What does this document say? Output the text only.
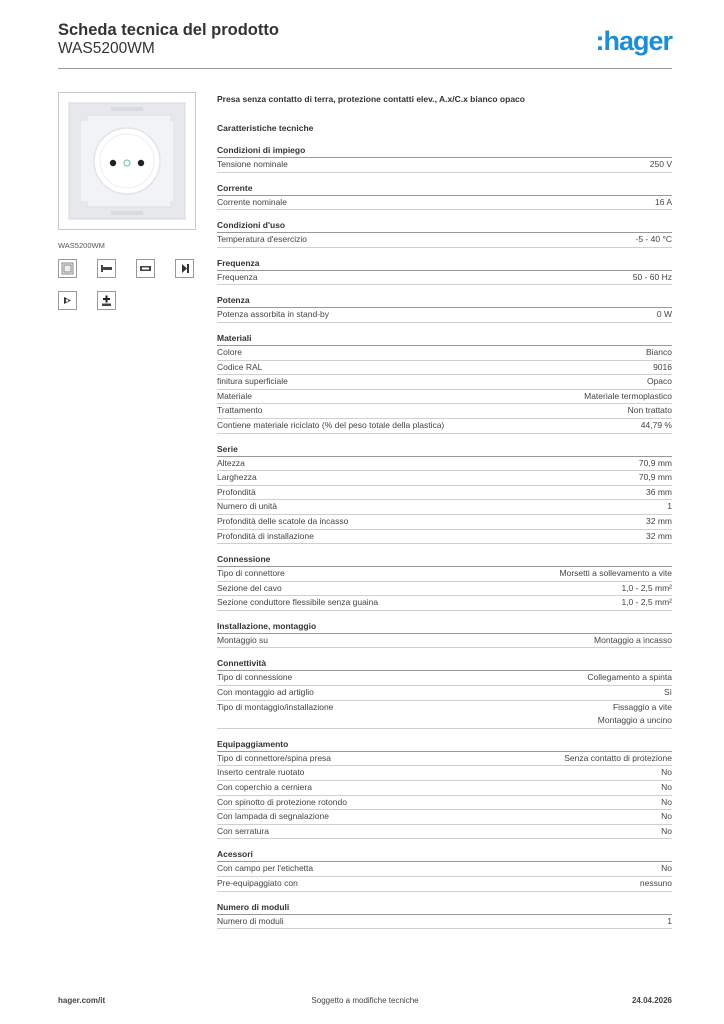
Scheda tecnica del prodotto
WAS5200WM	:hager
WAS5200WM
Presa senza contatto di terra, protezione contatti elev., A.x/C.x bianco opaco
Caratteristiche tecniche
Condizioni di impiego
Tensione nominale	250 V
Corrente
Corrente nominale	16 A
Condizioni d'uso
Temperatura d'esercizio	-5 - 40 °C
Frequenza
Frequenza	50 - 60 Hz
Potenza
Potenza assorbita in stand-by	0 W
Materiali
Colore	Bianco
Codice RAL	9016
finitura superficiale	Opaco
Materiale	Materiale termoplastico
Trattamento	Non trattato
Contiene materiale riciclato (% del peso totale della plastica)	44,79 %
Serie
Altezza	70,9 mm
Larghezza	70,9 mm
Profondità	36 mm
Numero di unità	1
Profondità delle scatole da incasso	32 mm
Profondità di installazione	32 mm
Connessione
Tipo di connettore	Morsetti a sollevamento a vite
Sezione del cavo	1,0 - 2,5 mm²
Sezione conduttore flessibile senza guaina	1,0 - 2,5 mm²
Installazione, montaggio
Montaggio su	Montaggio a incasso
Connettività
Tipo di connessione	Collegamento a spinta
Con montaggio ad artiglio	Sì
Tipo di montaggio/installazione	Fissaggio a vite
Montaggio a uncino
Equipaggiamento
Tipo di connettore/spina presa	Senza contatto di protezione
Inserto centrale ruotato	No
Con coperchio a cerniera	No
Con spinotto di protezione rotondo	No
Con lampada di segnalazione	No
Con serratura	No
Acessori
Con campo per l'etichetta	No
Pre-equipaggiato con	nessuno
Numero di moduli
Numero di moduli	1
hager.com/it	Soggetto a modifiche tecniche	24.04.2026
